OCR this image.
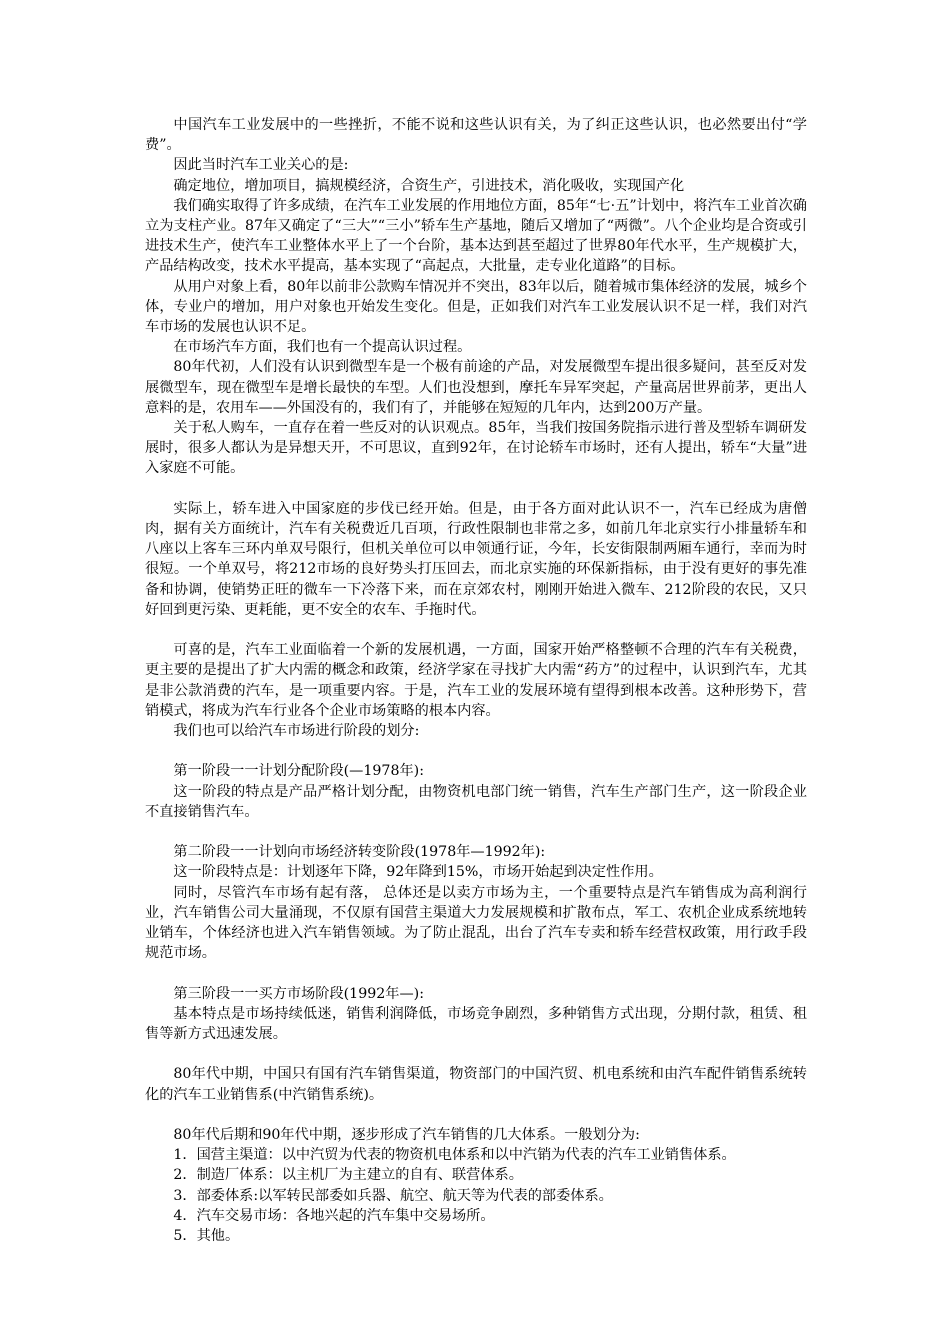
中国汽车工业发展中的一些挫折，不能不说和这些认识有关，为了纠正这些认识，也必然要出付“学费”。

因此当时汽车工业关心的是:

确定地位，增加项目，搞规模经济，合资生产，引进技术，消化吸收，实现国产化

我们确实取得了许多成绩，在汽车工业发展的作用地位方面，85年“七·五”计划中，将汽车工业首次确立为支柱产业。87年又确定了“三大”“三小”轿车生产基地，随后又增加了“两微”。八个企业均是合资或引进技术生产，使汽车工业整体水平上了一个台阶，基本达到甚至超过了世界80年代水平，生产规模扩大，产品结构改变，技术水平提高，基本实现了“高起点，大批量，走专业化道路”的目标。

从用户对象上看，80年以前非公款购车情况并不突出，83年以后，随着城市集体经济的发展，城乡个体，专业户的增加，用户对象也开始发生变化。但是，正如我们对汽车工业发展认识不足一样，我们对汽车市场的发展也认识不足。

在市场汽车方面，我们也有一个提高认识过程。

80年代初，人们没有认识到微型车是一个极有前途的产品，对发展微型车提出很多疑问，甚至反对发展微型车，现在微型车是增长最快的车型。人们也没想到，摩托车异军突起，产量高居世界前茅，更出人意料的是，农用车——外国没有的，我们有了，并能够在短短的几年内，达到200万产量。

关于私人购车，一直存在着一些反对的认识观点。85年，当我们按国务院指示进行普及型轿车调研发展时，很多人都认为是异想天开，不可思议，直到92年，在讨论轿车市场时，还有人提出，轿车“大量”进入家庭不可能。

实际上，轿车进入中国家庭的步伐已经开始。但是，由于各方面对此认识不一，汽车已经成为唐僧肉，据有关方面统计，汽车有关税费近几百项，行政性限制也非常之多，如前几年北京实行小排量轿车和八座以上客车三环内单双号限行，但机关单位可以申领通行证，今年，长安街限制两厢车通行，幸而为时很短。一个单双号，将212市场的良好势头打压回去，而北京实施的环保新指标，由于没有更好的事先准备和协调，使销势正旺的微车一下冷落下来，而在京郊农村，刚刚开始进入微车、212阶段的农民，又只好回到更污染、更耗能，更不安全的农车、手拖时代。

可喜的是，汽车工业面临着一个新的发展机遇，一方面，国家开始严格整顿不合理的汽车有关税费，更主要的是提出了扩大内需的概念和政策，经济学家在寻找扩大内需“药方”的过程中，认识到汽车，尤其是非公款消费的汽车，是一项重要内容。于是，汽车工业的发展环境有望得到根本改善。这种形势下，营销模式，将成为汽车行业各个企业市场策略的根本内容。

我们也可以给汽车市场进行阶段的划分:

第一阶段一一计划分配阶段(—1978年):

这一阶段的特点是产品严格计划分配，由物资机电部门统一销售，汽车生产部门生产，这一阶段企业不直接销售汽车。

第二阶段一一计划向市场经济转变阶段(1978年—1992年):

这一阶段特点是：计划逐年下降，92年降到15%，市场开始起到决定性作用。

同时，尽管汽车市场有起有落， 总体还是以卖方市场为主，一个重要特点是汽车销售成为高利润行业，汽车销售公司大量涌现，不仅原有国营主渠道大力发展规模和扩散布点，军工、农机企业成系统地转业销车，个体经济也进入汽车销售领域。为了防止混乱，出台了汽车专卖和轿车经营权政策，用行政手段规范市场。

第三阶段一一买方市场阶段(1992年—):

基本特点是市场持续低迷，销售利润降低，市场竞争剧烈，多种销售方式出现，分期付款，租赁、租售等新方式迅速发展。

80年代中期，中国只有国有汽车销售渠道，物资部门的中国汽贸、机电系统和由汽车配件销售系统转化的汽车工业销售系(中汽销售系统)。

80年代后期和90年代中期，逐步形成了汽车销售的几大体系。一般划分为:

1．国营主渠道：以中汽贸为代表的物资机电体系和以中汽销为代表的汽车工业销售体系。

2．制造厂体系：以主机厂为主建立的自有、联营体系。

3．部委体系:以军转民部委如兵器、航空、航天等为代表的部委体系。

4．汽车交易市场：各地兴起的汽车集中交易场所。

5．其他。
